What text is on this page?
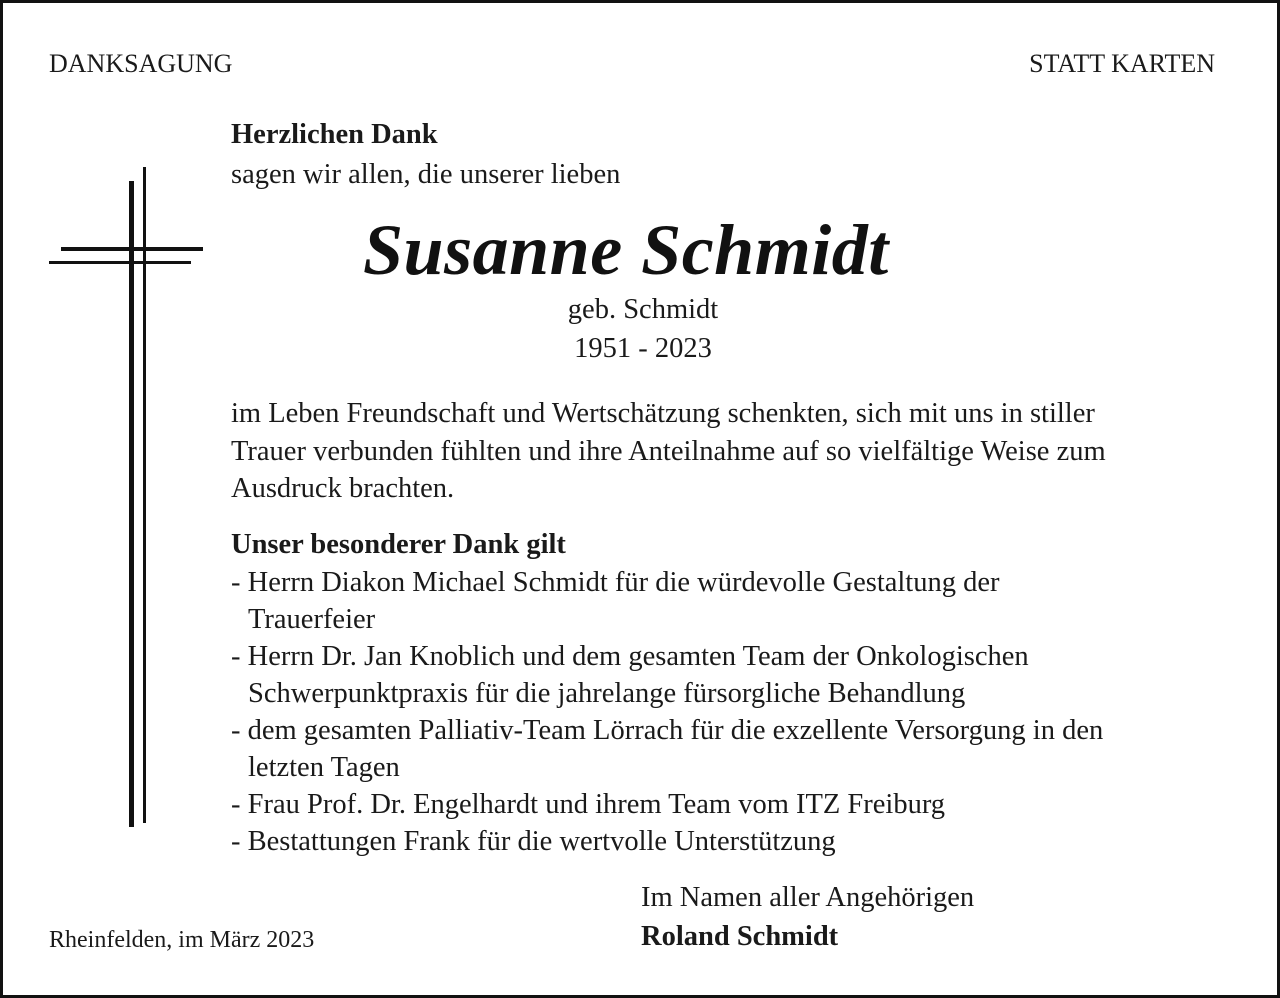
DANKSAGUNG	STATT KARTEN
Herzlichen Dank
sagen wir allen, die unserer lieben
Susanne Schmidt
geb. Schmidt
1951 - 2023
im Leben Freundschaft und Wertschätzung schenkten, sich mit uns in stiller
Trauer verbunden fühlten und ihre Anteilnahme auf so vielfältige Weise zum
Ausdruck brachten.
Unser besonderer Dank gilt
- Herrn Diakon Michael Schmidt für die würdevolle Gestaltung der
Trauerfeier
- Herrn Dr. Jan Knoblich und dem gesamten Team der Onkologischen
Schwerpunktpraxis für die jahrelange fürsorgliche Behandlung
- dem gesamten Palliativ-Team Lörrach für die exzellente Versorgung in den
letzten Tagen
- Frau Prof. Dr. Engelhardt und ihrem Team vom ITZ Freiburg
- Bestattungen Frank für die wertvolle Unterstützung
Im Namen aller Angehörigen
Roland Schmidt
Rheinfelden, im März 2023
